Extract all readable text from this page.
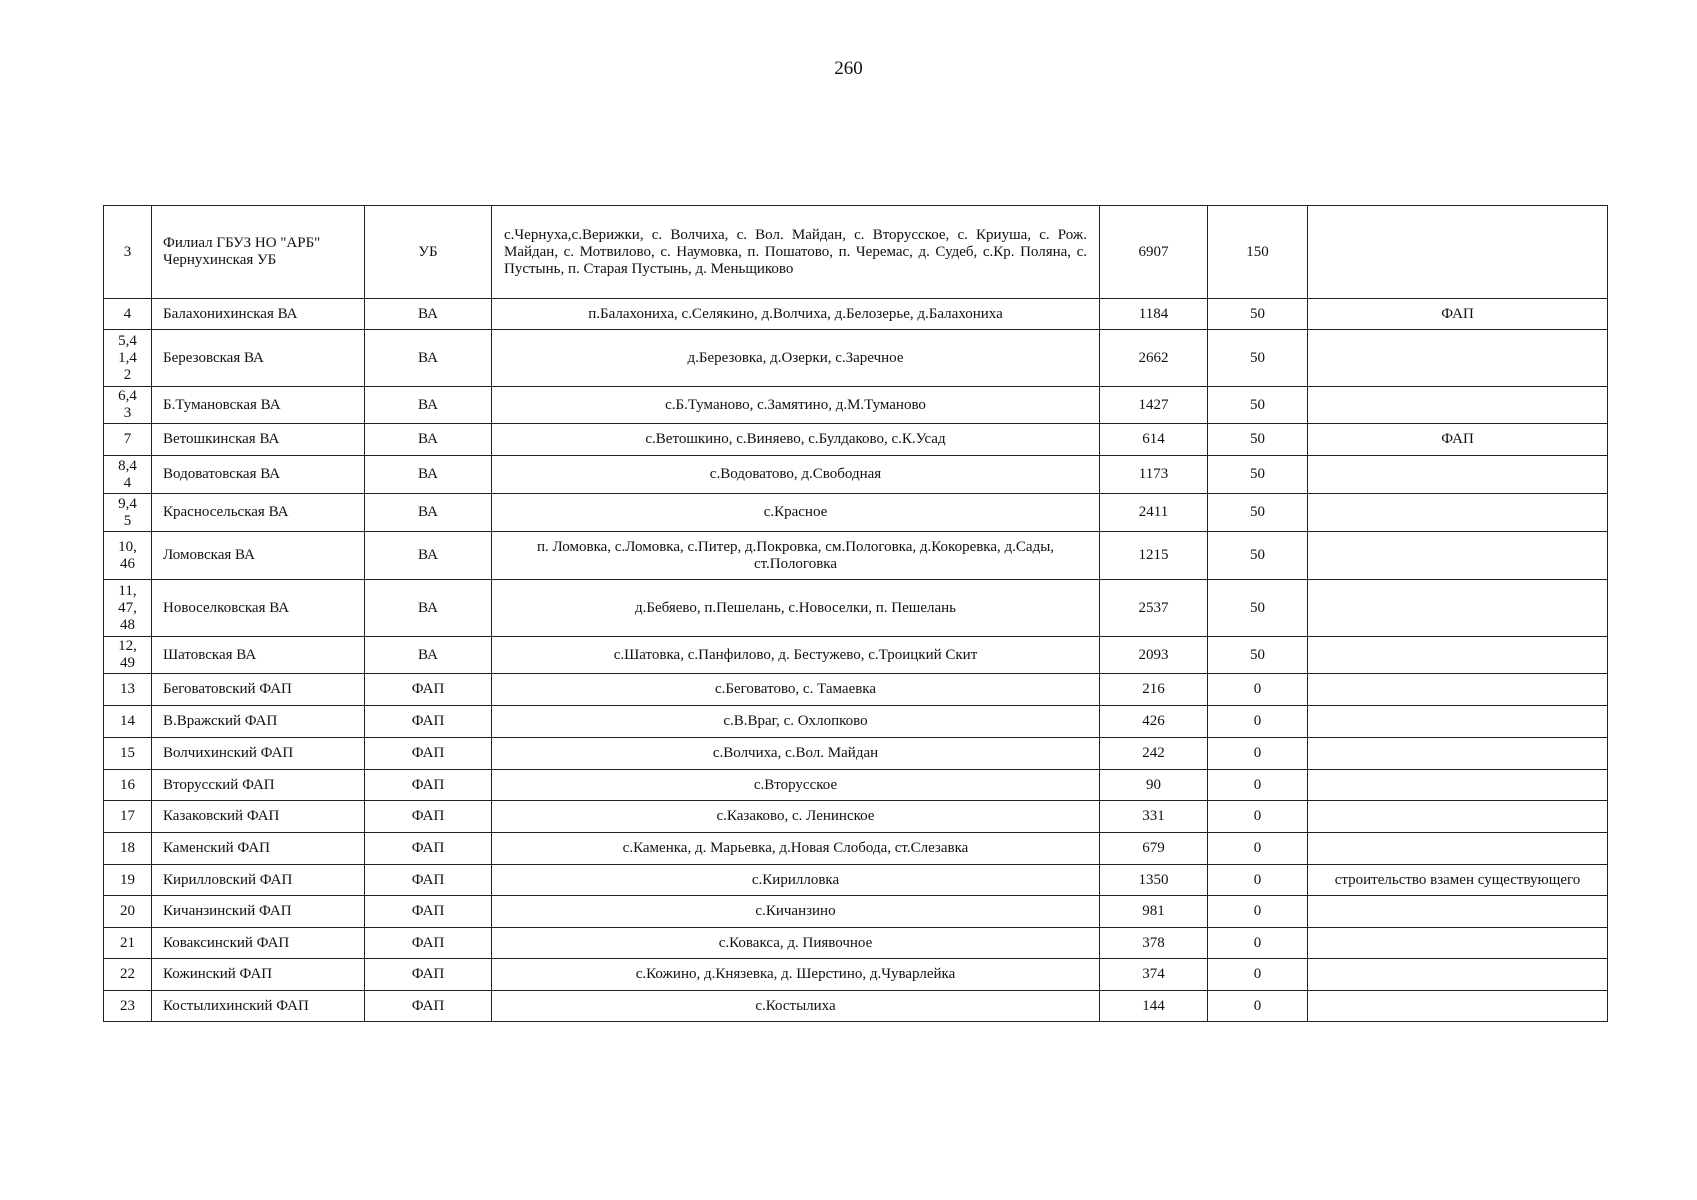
260
3	Филиал ГБУЗ НО "АРБ"
Чернухинская УБ	УБ	с.Чернуха,с.Верижки, с. Волчиха, с. Вол. Майдан, с. Вторусское, с. Криуша, с. Рож. Майдан, с. Мотвилово, с. Наумовка, п. Пошатово, п. Черемас, д. Судеб, с.Кр. Поляна, с. Пустынь, п. Старая Пустынь, д. Меньщиково	6907	150	

4	Балахонихинская ВА	ВА	п.Балахониха, с.Селякино, д.Волчиха, д.Белозерье, д.Балахониха	1184	50	ФАП

5,4
1,4
2	Березовская ВА	ВА	д.Березовка, д.Озерки, с.Заречное	2662	50	

6,4
3	Б.Тумановская ВА	ВА	с.Б.Туманово, с.Замятино, д.М.Туманово	1427	50	

7	Ветошкинская ВА	ВА	с.Ветошкино, с.Виняево, с.Булдаково, с.К.Усад	614	50	ФАП

8,4
4	Водоватовская ВА	ВА	с.Водоватово, д.Свободная	1173	50	

9,4
5	Красносельская ВА	ВА	с.Красное	2411	50	

10,
46	Ломовская ВА	ВА	п. Ломовка, с.Ломовка, с.Питер, д.Покровка, см.Пологовка, д.Кокоревка, д.Сады, ст.Пологовка	1215	50	

11,
47,
48	Новоселковская ВА	ВА	д.Бебяево, п.Пешелань, с.Новоселки, п. Пешелань	2537	50	

12,
49	Шатовская ВА	ВА	с.Шатовка, с.Панфилово, д. Бестужево, с.Троицкий Скит	2093	50	

13	Беговатовский ФАП	ФАП	с.Беговатово, с. Тамаевка	216	0	

14	В.Вражский ФАП	ФАП	с.В.Враг, с. Охлопково	426	0	

15	Волчихинский ФАП	ФАП	с.Волчиха, с.Вол. Майдан	242	0	

16	Вторусский ФАП	ФАП	с.Вторусское	90	0	

17	Казаковский ФАП	ФАП	с.Казаково, с. Ленинское	331	0	

18	Каменский ФАП	ФАП	с.Каменка, д. Марьевка, д.Новая Слобода, ст.Слезавка	679	0	

19	Кирилловский ФАП	ФАП	с.Кирилловка	1350	0	строительство взамен существующего

20	Кичанзинский ФАП	ФАП	с.Кичанзино	981	0	

21	Коваксинский ФАП	ФАП	с.Ковакса, д. Пиявочное	378	0	

22	Кожинский ФАП	ФАП	с.Кожино, д.Князевка, д. Шерстино, д.Чуварлейка	374	0	

23	Костылихинский ФАП	ФАП	с.Костылиха	144	0	
